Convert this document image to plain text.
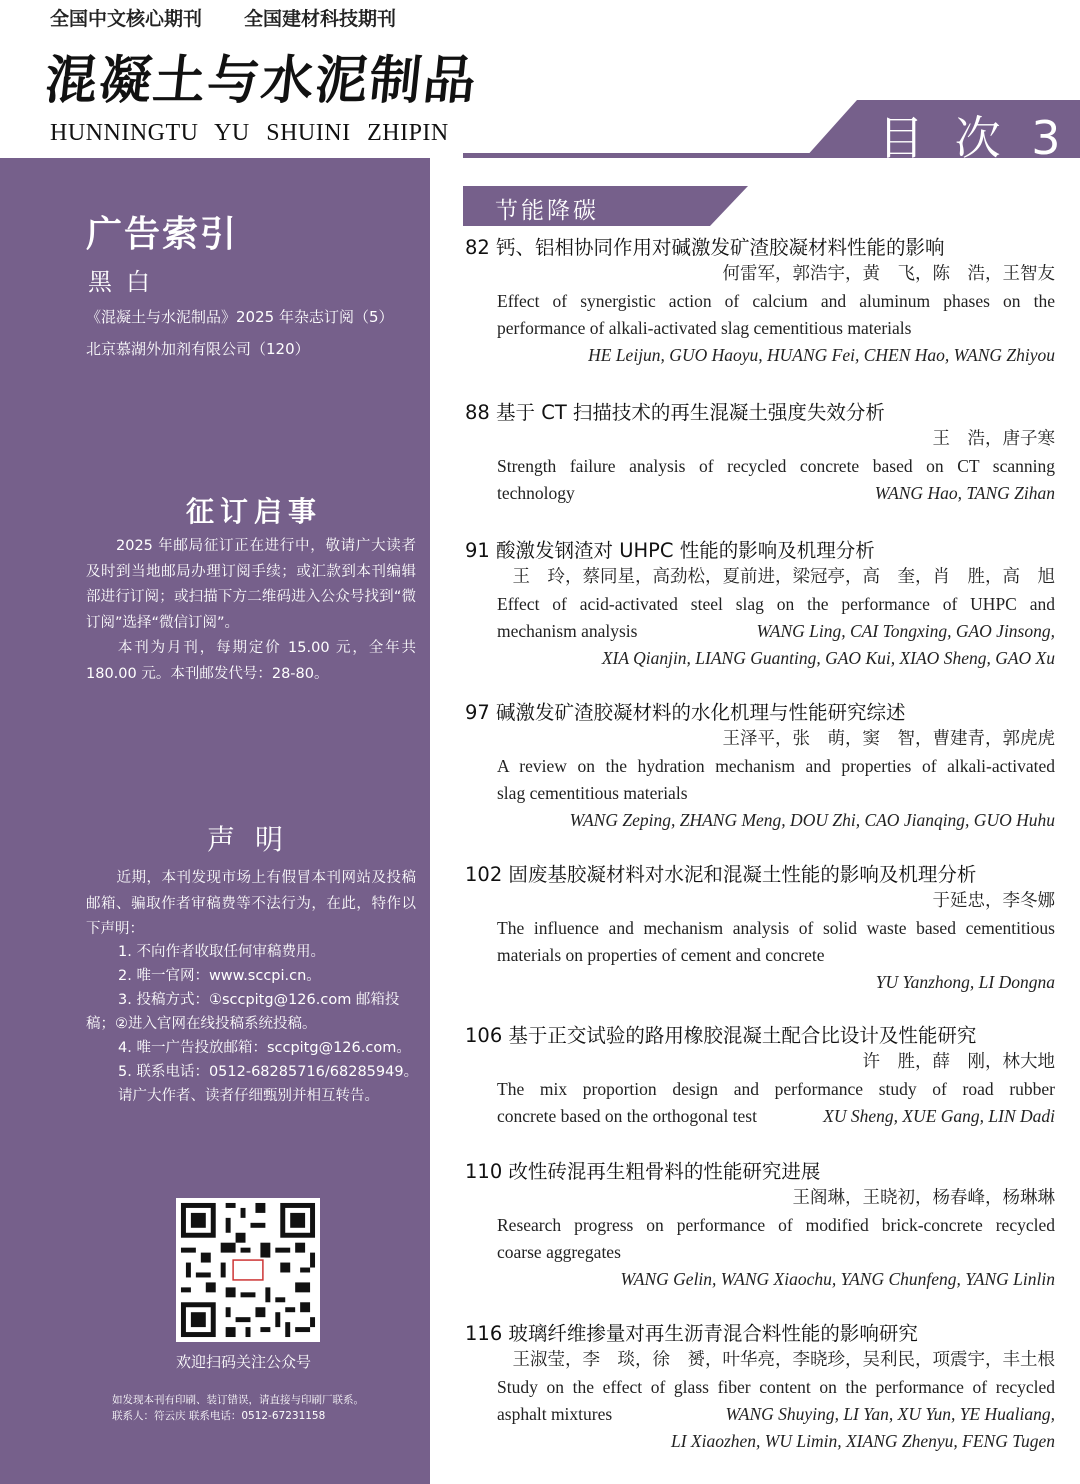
全国中文核心期刊 全国建材科技期刊
混凝土与水泥制品
HUNNINGTU YU SHUINI ZHIPIN	目 次 3
广告索引
黑白
《混凝土与水泥制品》2025 年杂志订阅（5）
北京慕湖外加剂有限公司（120）
征订启事
2025 年邮局征订正在进行中，敬请广大读者及时到当地邮局办理订阅手续；或汇款到本刊编辑部进行订阅；或扫描下方二维码进入公众号找到“微订阅”选择“微信订阅”。
本刊为月刊，每期定价 15.00 元，全年共 180.00 元。本刊邮发代号：28-80。
声明
近期，本刊发现市场上有假冒本刊网站及投稿邮箱、骗取作者审稿费等不法行为，在此，特作以下声明：
1. 不向作者收取任何审稿费用。
2. 唯一官网：www.sccpi.cn。
3. 投稿方式：①sccpitg@126.com 邮箱投
稿；②进入官网在线投稿系统投稿。
4. 唯一广告投放邮箱：sccpitg@126.com。
5. 联系电话：0512-68285716/68285949。
请广大作者、读者仔细甄别并相互转告。
欢迎扫码关注公众号
如发现本刊有印刷、装订错误，请直接与印刷厂联系。
联系人：符云庆 联系电话：0512-67231158
节能降碳
82 钙、铝相协同作用对碱激发矿渣胶凝材料性能的影响
何雷军，郭浩宇，黄　飞，陈　浩，王智友
Effect of synergistic action of calcium and aluminum phases on the
performance of alkali-activated slag cementitious materials
HE Leijun, GUO Haoyu, HUANG Fei, CHEN Hao, WANG Zhiyou
88 基于 CT 扫描技术的再生混凝土强度失效分析
王　浩，唐子寒
Strength failure analysis of recycled concrete based on CT scanning
technology	WANG Hao, TANG Zihan
91 酸激发钢渣对 UHPC 性能的影响及机理分析
王　玲，蔡同星，高劲松，夏前进，梁冠亭，高　奎，肖　胜，高　旭
Effect of acid-activated steel slag on the performance of UHPC and
mechanism analysis	WANG Ling, CAI Tongxing, GAO Jinsong,
XIA Qianjin, LIANG Guanting, GAO Kui, XIAO Sheng, GAO Xu
97 碱激发矿渣胶凝材料的水化机理与性能研究综述
王泽平，张　萌，窦　智，曹建青，郭虎虎
A review on the hydration mechanism and properties of alkali-activated
slag cementitious materials
WANG Zeping, ZHANG Meng, DOU Zhi, CAO Jianqing, GUO Huhu
102 固废基胶凝材料对水泥和混凝土性能的影响及机理分析
于延忠，李冬娜
The influence and mechanism analysis of solid waste based cementitious
materials on properties of cement and concrete
YU Yanzhong, LI Dongna
106 基于正交试验的路用橡胶混凝土配合比设计及性能研究
许　胜，薛　刚，林大地
The mix proportion design and performance study of road rubber
concrete based on the orthogonal test	XU Sheng, XUE Gang, LIN Dadi
110 改性砖混再生粗骨料的性能研究进展
王阁琳，王晓初，杨春峰，杨琳琳
Research progress on performance of modified brick-concrete recycled
coarse aggregates
WANG Gelin, WANG Xiaochu, YANG Chunfeng, YANG Linlin
116 玻璃纤维掺量对再生沥青混合料性能的影响研究
王淑莹，李　琰，徐　赟，叶华亮，李晓珍，吴利民，项震宇，丰土根
Study on the effect of glass fiber content on the performance of recycled
asphalt mixtures	WANG Shuying, LI Yan, XU Yun, YE Hualiang,
LI Xiaozhen, WU Limin, XIANG Zhenyu, FENG Tugen
